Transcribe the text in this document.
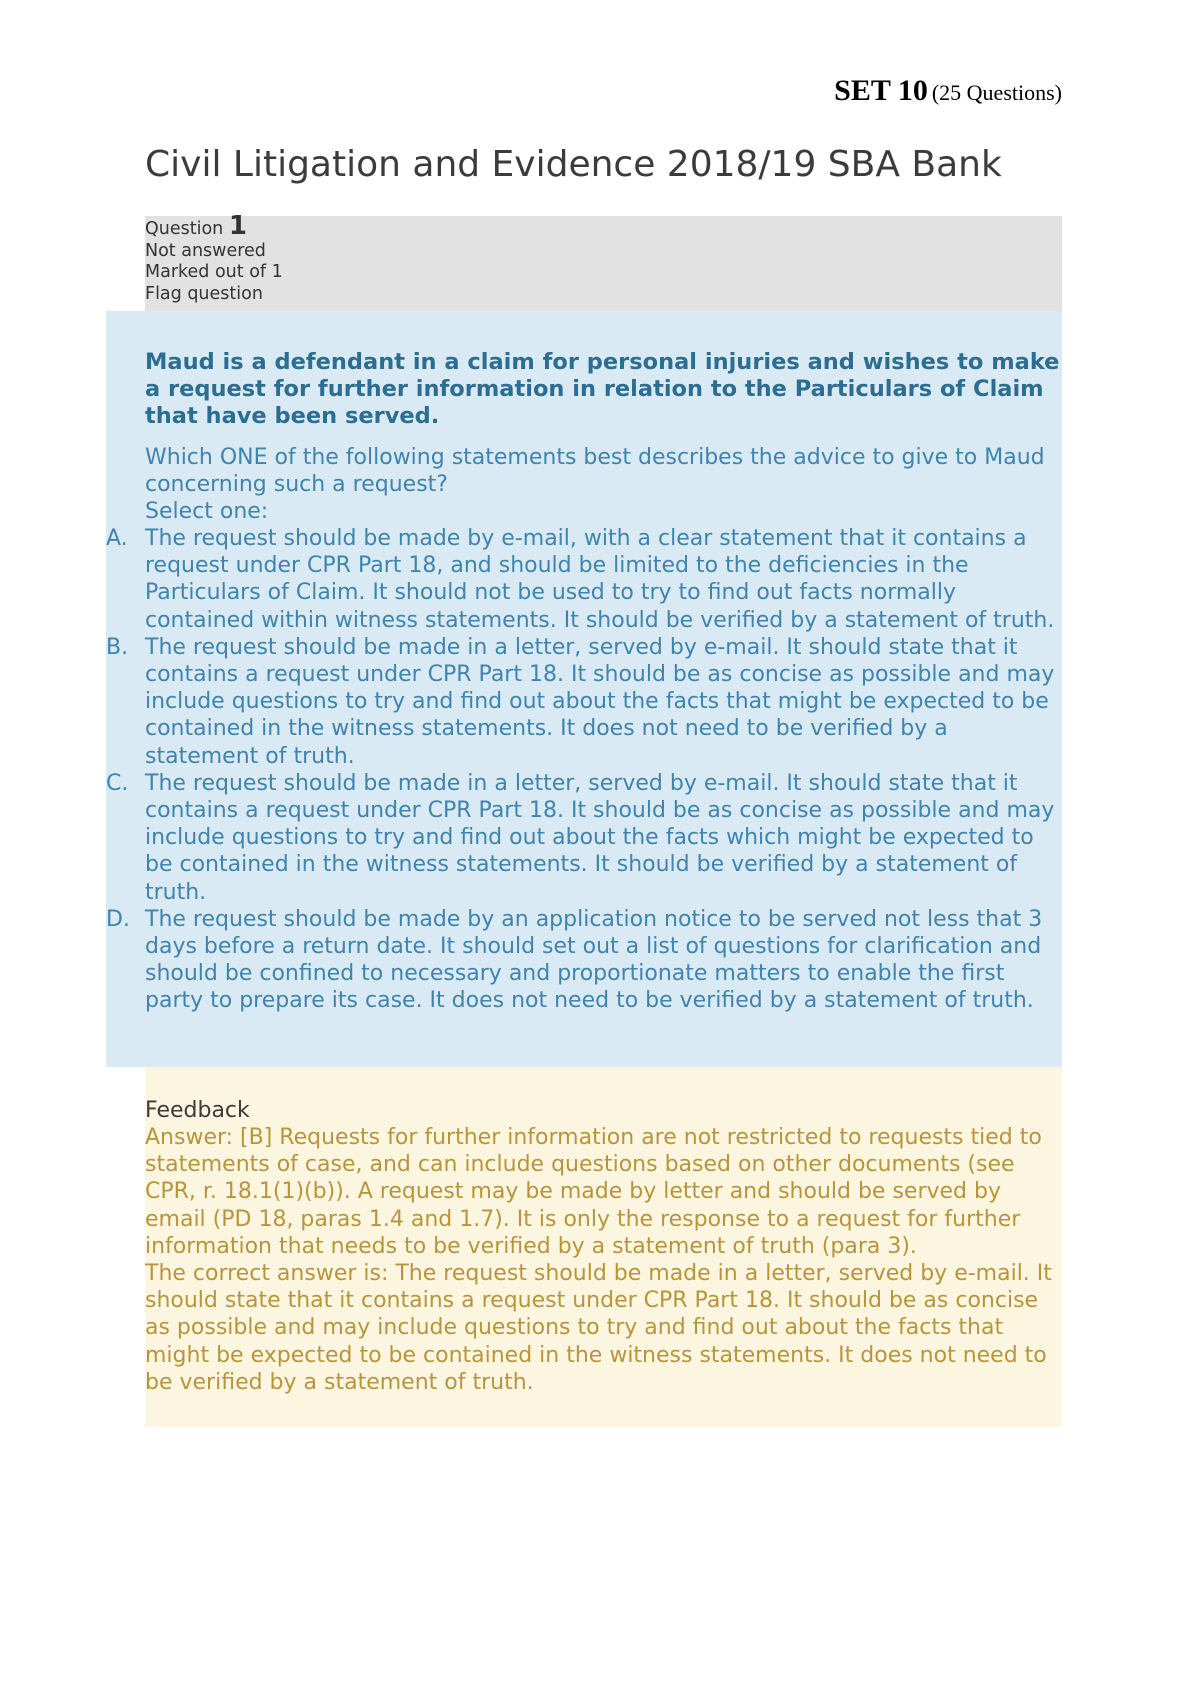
SET 10 (25 Questions)
Civil Litigation and Evidence 2018/19 SBA Bank
Question 1
Not answered
Marked out of 1
Flag question

Maud is a defendant in a claim for personal injuries and wishes to make a request for further information in relation to the Particulars of Claim that have been served.

Which ONE of the following statements best describes the advice to give to Maud concerning such a request?
Select one:
A. The request should be made by e-mail, with a clear statement that it contains a request under CPR Part 18, and should be limited to the deficiencies in the Particulars of Claim. It should not be used to try to find out facts normally contained within witness statements. It should be verified by a statement of truth.
B. The request should be made in a letter, served by e-mail. It should state that it contains a request under CPR Part 18. It should be as concise as possible and may include questions to try and find out about the facts that might be expected to be contained in the witness statements. It does not need to be verified by a statement of truth.
C. The request should be made in a letter, served by e-mail. It should state that it contains a request under CPR Part 18. It should be as concise as possible and may include questions to try and find out about the facts which might be expected to be contained in the witness statements. It should be verified by a statement of truth.
D. The request should be made by an application notice to be served not less that 3 days before a return date. It should set out a list of questions for clarification and should be confined to necessary and proportionate matters to enable the first party to prepare its case. It does not need to be verified by a statement of truth.
Feedback

Answer: [B] Requests for further information are not restricted to requests tied to statements of case, and can include questions based on other documents (see CPR, r. 18.1(1)(b)). A request may be made by letter and should be served by email (PD 18, paras 1.4 and 1.7). It is only the response to a request for further information that needs to be verified by a statement of truth (para 3).

The correct answer is: The request should be made in a letter, served by e-mail. It should state that it contains a request under CPR Part 18. It should be as concise as possible and may include questions to try and find out about the facts that might be expected to be contained in the witness statements. It does not need to be verified by a statement of truth.
